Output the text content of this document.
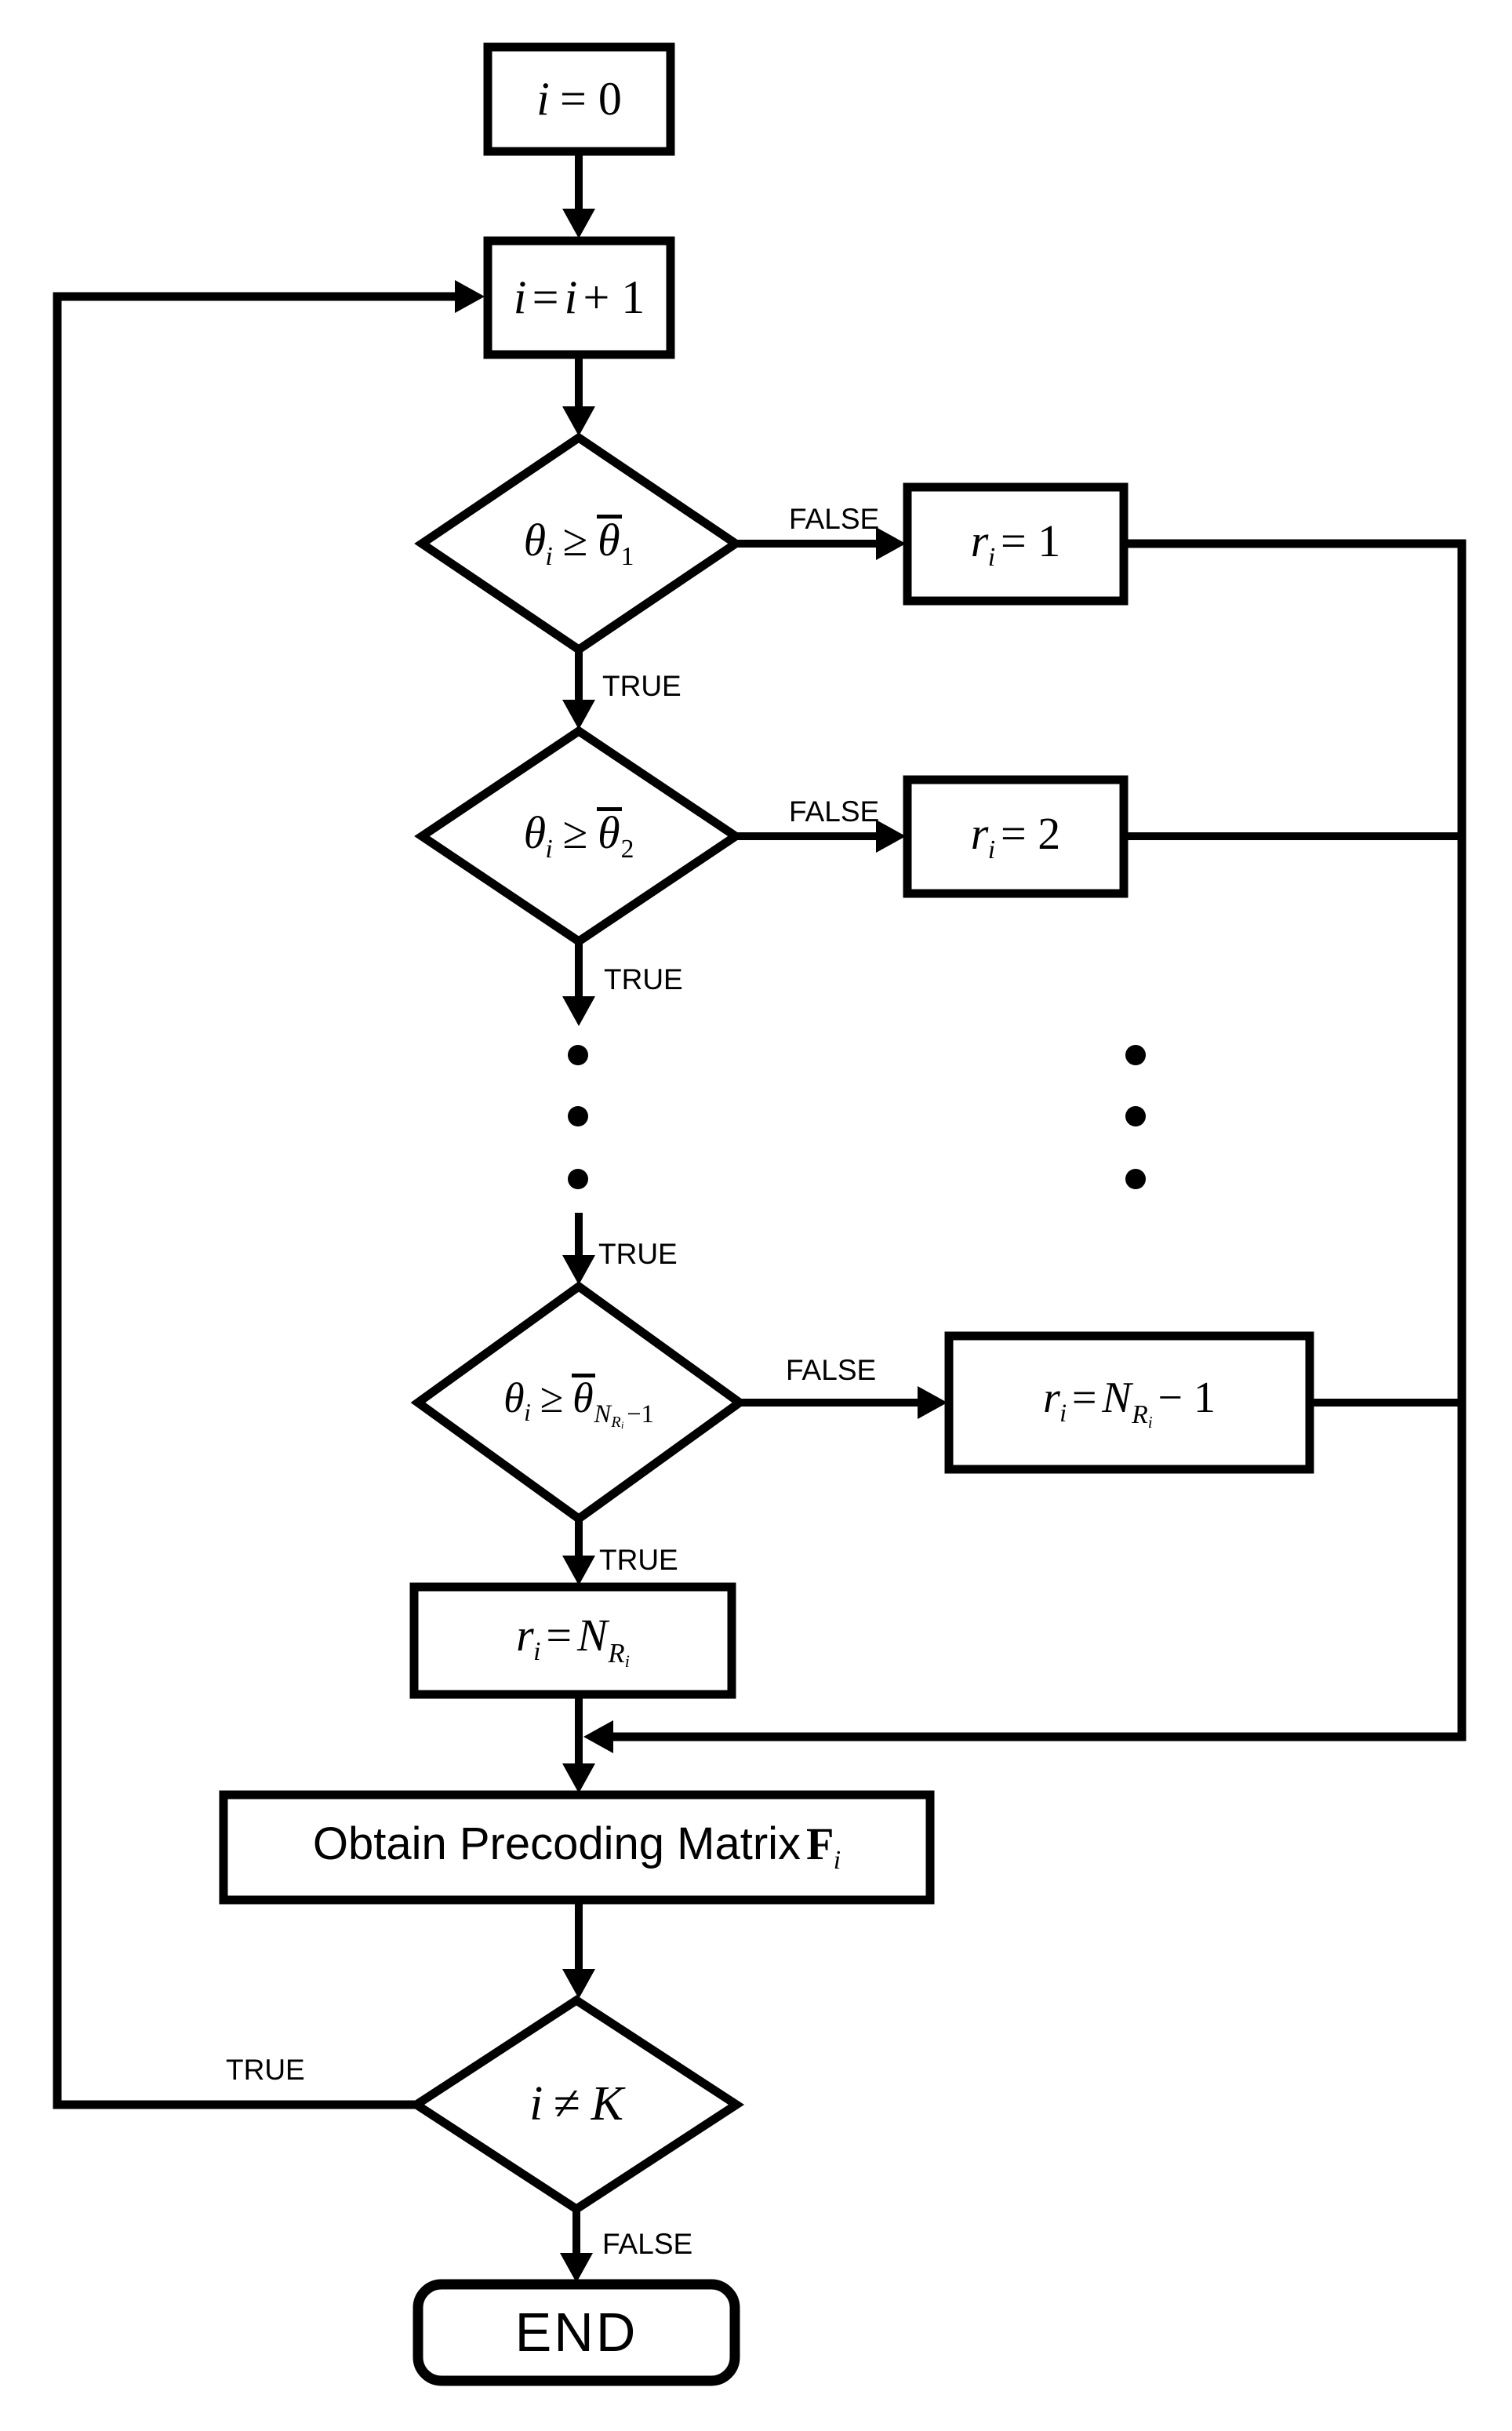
i = 0
i = i + 1
$\theta_i \ge \theta_1$
$\theta_i \ge \theta_2$
$\theta_i \ge \theta_{NR_i -1}$
$r_i = 1$
$r_i = 2$
$r_i = N_{Ri}- 1$
$r_i = N_{Ri}$
Obtain Precoding Matrix $F_i$
i ≠ K
END
FALSE
TRUE
FALSE
TRUE
TRUE
FALSE
TRUE
TRUE
FALSE
